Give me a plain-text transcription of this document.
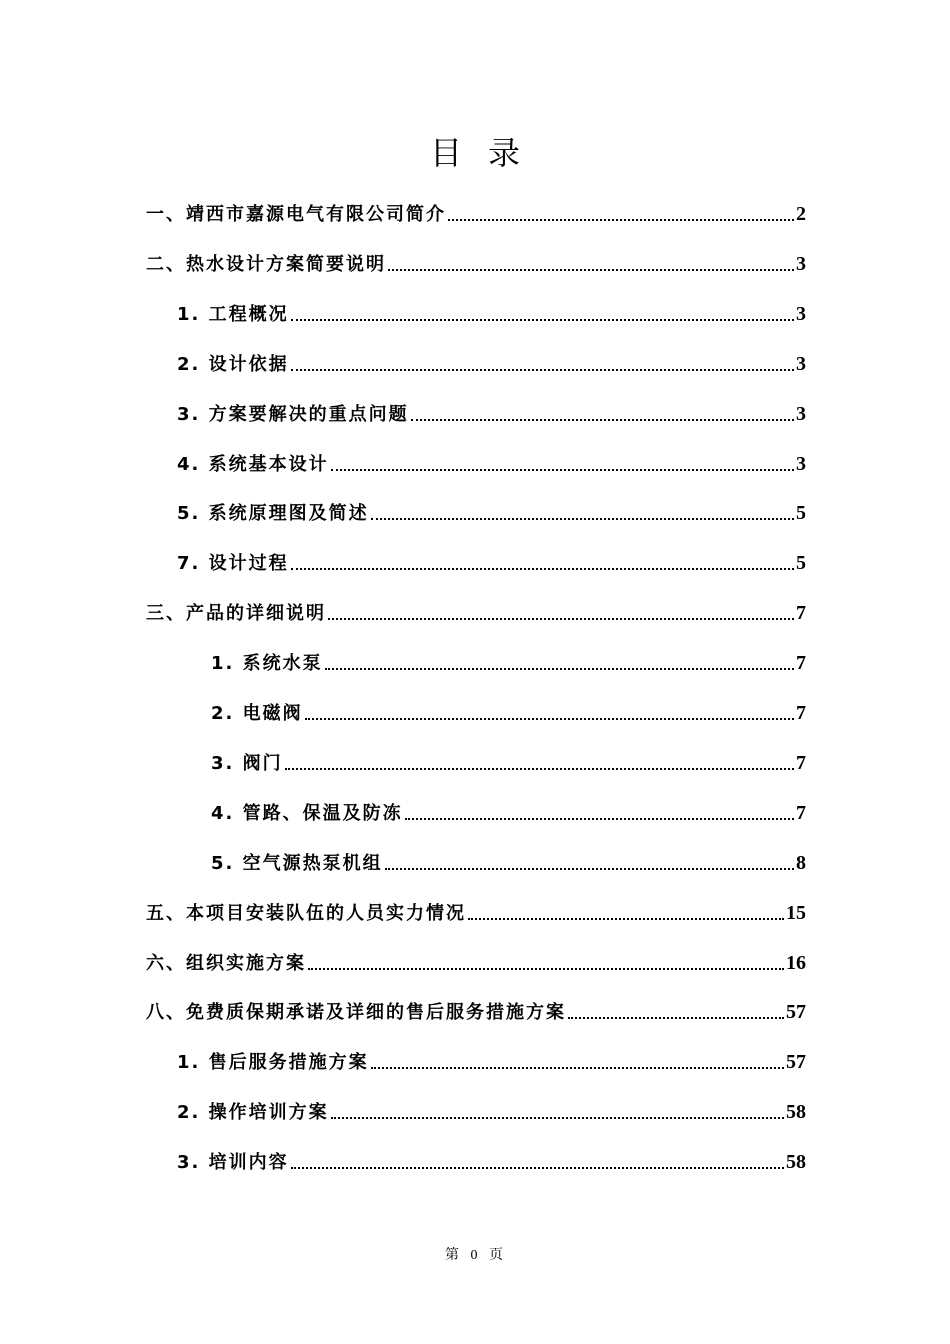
目录
一、靖西市嘉源电气有限公司简介	2
二、热水设计方案简要说明	3
1. 工程概况	3
2. 设计依据	3
3. 方案要解决的重点问题	3
4. 系统基本设计	3
5. 系统原理图及简述	5
7. 设计过程	5
三、产品的详细说明	7
1. 系统水泵	7
2. 电磁阀	7
3. 阀门	7
4. 管路、保温及防冻	7
5. 空气源热泵机组	8
五、本项目安装队伍的人员实力情况	15
六、组织实施方案	16
八、免费质保期承诺及详细的售后服务措施方案	57
1. 售后服务措施方案	57
2. 操作培训方案	58
3. 培训内容	58
第 0 页
